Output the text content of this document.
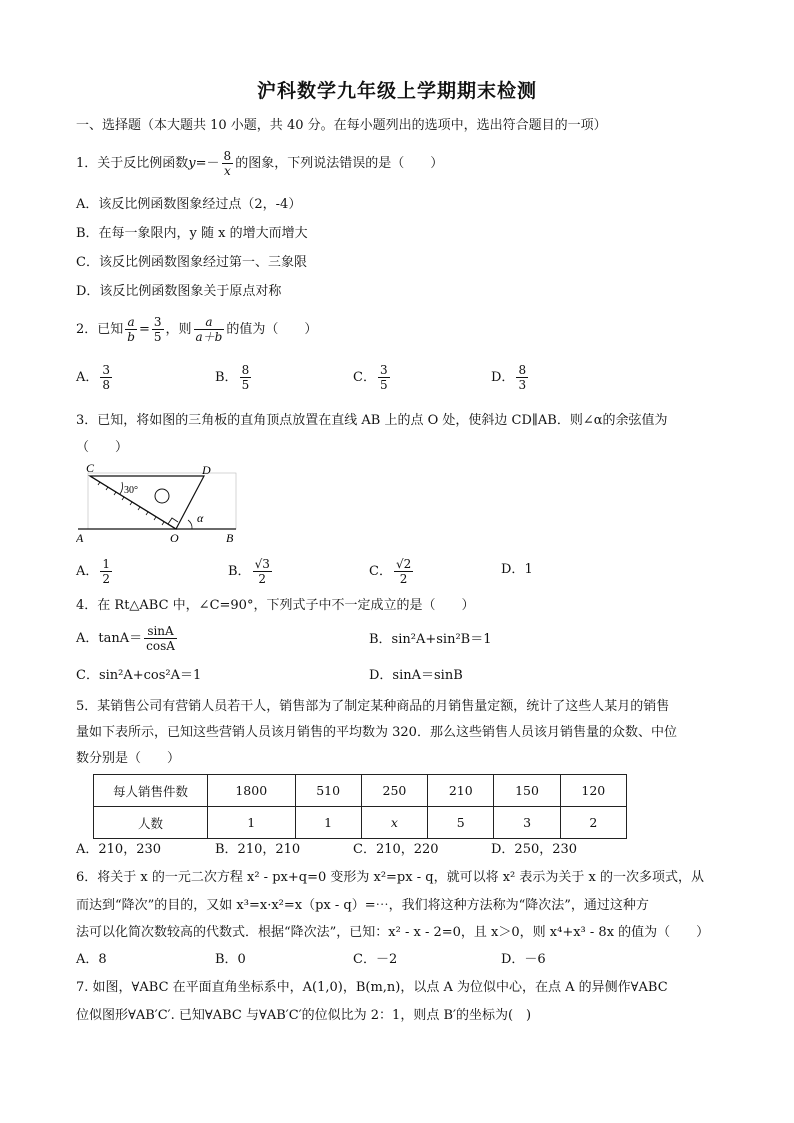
沪科数学九年级上学期期末检测
一、选择题（本大题共 10 小题，共 40 分。在每小题列出的选项中，选出符合题目的一项）
1．关于反比例函数$y=- \frac{8}{x}$ 的图象，下列说法错误的是（　　）
A．该反比例函数图象经过点（2，-4）
B．在每一象限内，y 随 x 的增大而增大
C．该反比例函数图象经过第一、三象限
D．该反比例函数图象关于原点对称
2．已知 $\frac{a}{b} = \frac{3}{5}$ ，则 $\frac{a}{a+b}$ 的值为（　　）
A． $\frac{3}{8}$	B． $\frac{8}{5}$	C． $\frac{3}{5}$	D． $\frac{8}{3}$
3．已知，将如图的三角板的直角顶点放置在直线 AB 上的点 O 处，使斜边 CD∥AB．则∠α的余弦值为
（　　）
C	D
30°
α
A	O	B
A． $\frac{1}{2}$	B． $\frac{√3}{2}$	C． $\frac{√2}{2}$	D．1
4．在 Rt△ABC 中，∠C=90°，下列式子中不一定成立的是（　　）
A．$\tan A= \frac{\sin A}{\cos A}$	B．sin²A+sin²B＝1
C．sin²A+cos²A＝1	D．sinA＝sinB
5．某销售公司有营销人员若干人，销售部为了制定某种商品的月销售量定额，统计了这些人某月的销售
量如下表所示，已知这些营销人员该月销售的平均数为 320．那么这些销售人员该月销售量的众数、中位
数分别是（　　）
每人销售件数	1800	510	250	210	150	120
人数	1	1	x	5	3	2
A．210，230	B．210，210	C．210，220	D．250，230
6．将关于 x 的一元二次方程 x² - px+q=0 变形为 x²=px - q，就可以将 x² 表示为关于 x 的一次多项式，从
而达到“降次”的目的，又如 x³=x·x²=x（px - q）=⋯，我们将这种方法称为“降次法”，通过这种方
法可以化简次数较高的代数式．根据“降次法”，已知：x² - x - 2=0，且 x＞0，则 x⁴+x³ - 8x 的值为（　　）
A．8	B．0	C．－2	D．－6
7. 如图，∀ABC 在平面直角坐标系中，A(1,0)，B(m,n)，以点 A 为位似中心，在点 A 的异侧作∀ABC
位似图形∀AB′C′. 已知∀ABC 与∀AB′C′的位似比为 2：1，则点 B′的坐标为(　)
